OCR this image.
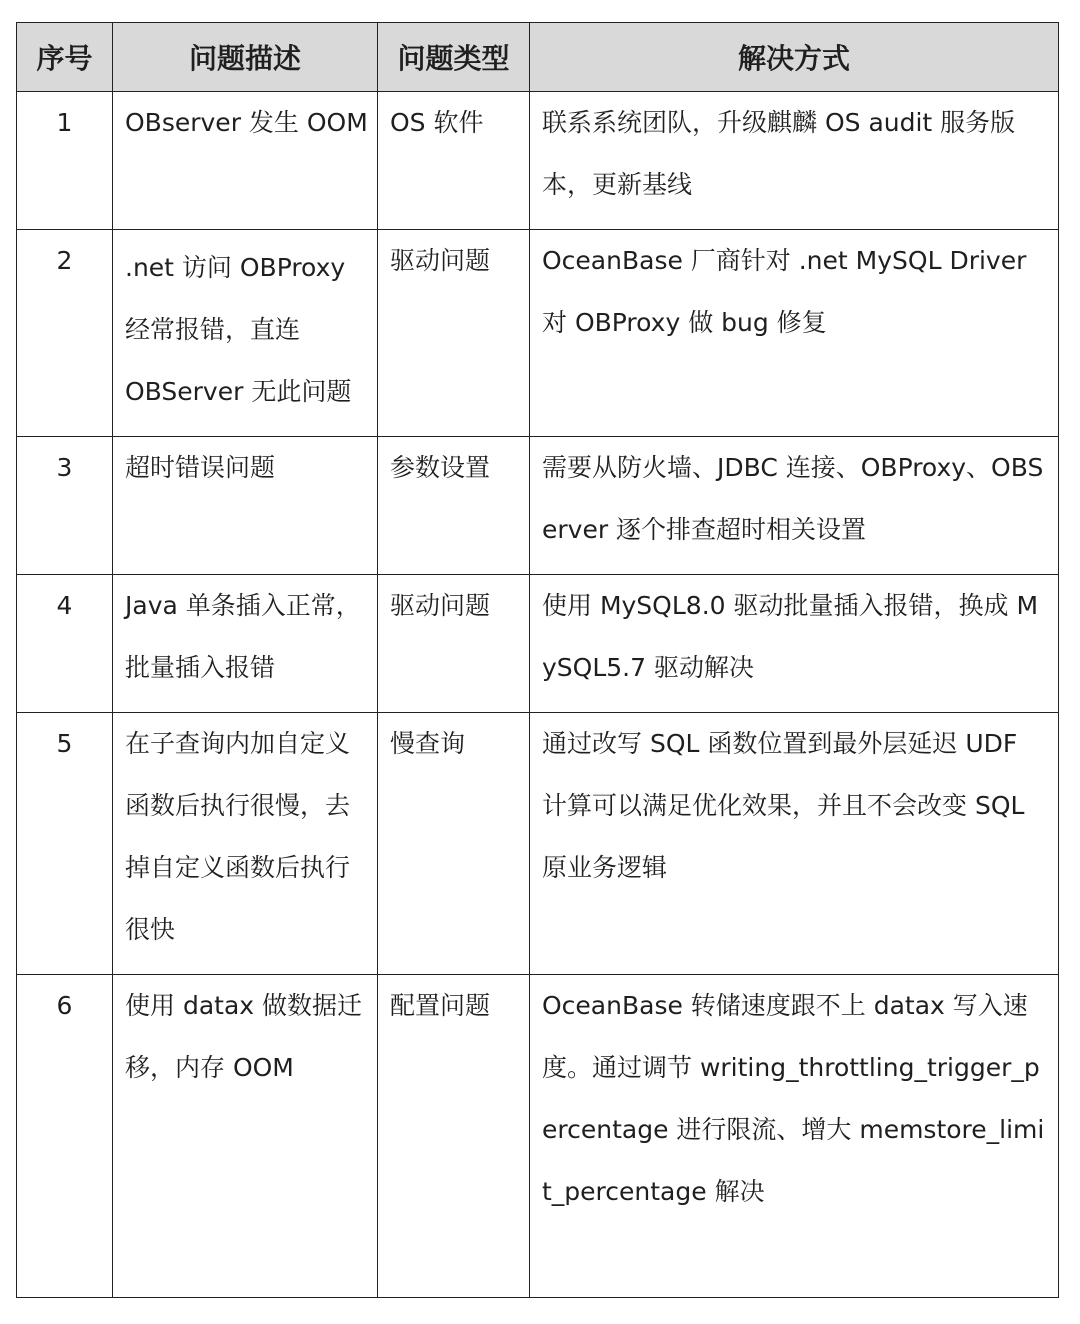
序号	问题描述	问题类型	解决方式

1	OBserver 发生 OOM	OS 软件	联系系统团队，升级麒麟 OS audit 服务版本，更新基线

2	.net 访问 OBProxy 经常报错，直连 OBServer 无此问题	驱动问题	OceanBase 厂商针对 .net MySQL Driver 对 OBProxy 做 bug 修复

3	超时错误问题	参数设置	需要从防火墙、JDBC 连接、OBProxy、OBServer 逐个排查超时相关设置

4	Java 单条插入正常，批量插入报错	驱动问题	使用 MySQL8.0 驱动批量插入报错，换成 MySQL5.7 驱动解决

5	在子查询内加自定义函数后执行很慢，去掉自定义函数后执行很快	慢查询	通过改写 SQL 函数位置到最外层延迟 UDF 计算可以满足优化效果，并且不会改变 SQL 原业务逻辑

6	使用 datax 做数据迁移，内存 OOM	配置问题	OceanBase 转储速度跟不上 datax 写入速度。通过调节 writing_throttling_trigger_percentage 进行限流、增大 memstore_limit_percentage 解决
